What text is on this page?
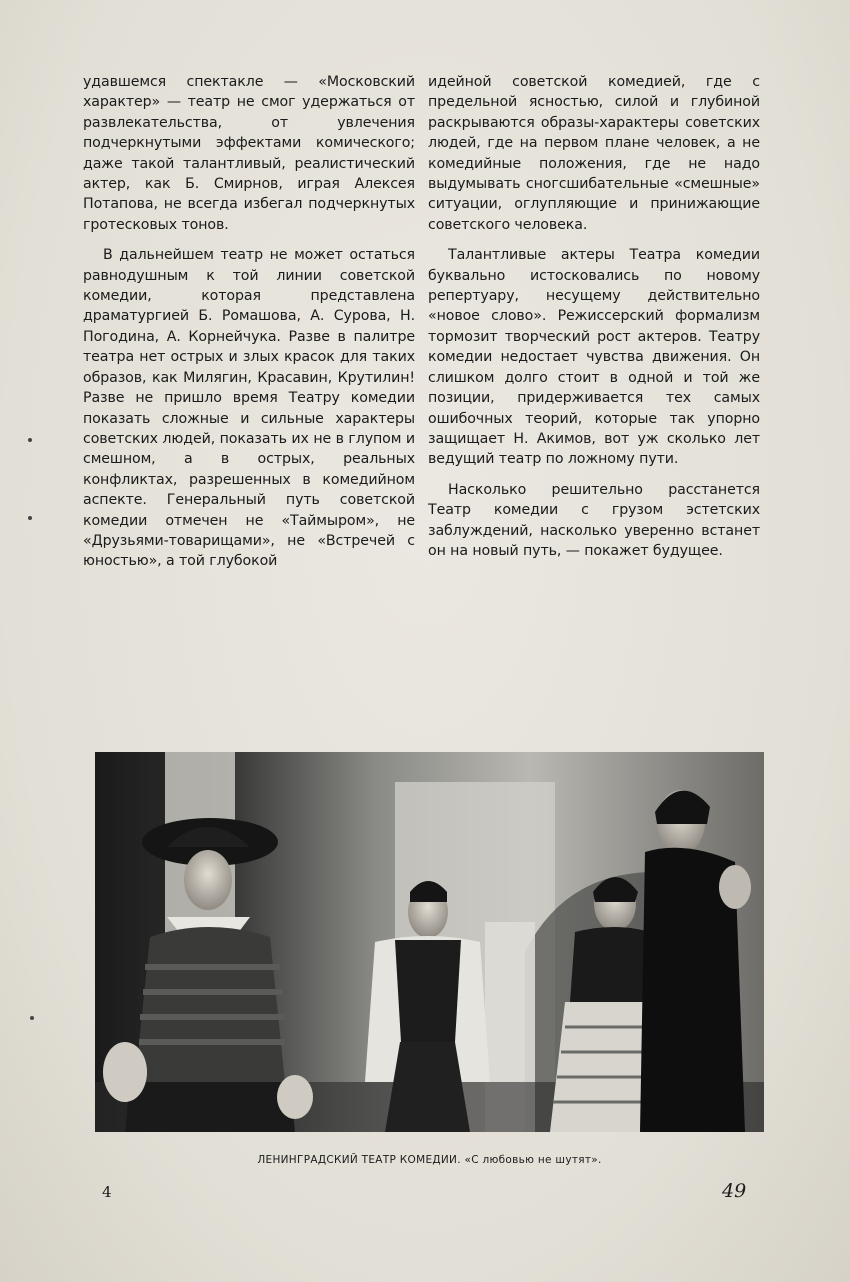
удавшемся спектакле — «Московский характер» — театр не смог удержаться от развлекательства, от увлечения подчеркнутыми эффектами комического; даже такой талантливый, реалистический актер, как Б. Смирнов, играя Алексея Потапова, не всегда избегал подчеркнутых гротесковых тонов.

В дальнейшем театр не может остаться равнодушным к той линии советской комедии, которая представлена драматургией Б. Ромашова, А. Сурова, Н. Погодина, А. Корнейчука. Разве в палитре театра нет острых и злых красок для таких образов, как Милягин, Красавин, Крутилин! Разве не пришло время Театру комедии показать сложные и сильные характеры советских людей, показать их не в глупом и смешном, а в острых, реальных конфликтах, разрешенных в комедийном аспекте. Генеральный путь советской комедии отмечен не «Таймыром», не «Друзьями-товарищами», не «Встречей с юностью», а той глубокой

идейной советской комедией, где с предельной ясностью, силой и глубиной раскрываются образы-характеры советских людей, где на первом плане человек, а не комедийные положения, где не надо выдумывать сногсшибательные «смешные» ситуации, оглупляющие и принижающие советского человека.

Талантливые актеры Театра комедии буквально истосковались по новому репертуару, несущему действительно «новое слово». Режиссерский формализм тормозит творческий рост актеров. Театру комедии недостает чувства движения. Он слишком долго стоит в одной и той же позиции, придерживается тех самых ошибочных теорий, которые так упорно защищает Н. Акимов, вот уж сколько лет ведущий театр по ложному пути.

Насколько решительно расстанется Театр комедии с грузом эстетских заблуждений, насколько уверенно встанет он на новый путь, — покажет будущее.

ЛЕНИНГРАДСКИЙ ТЕАТР КОМЕДИИ. «С любовью не шутят».
4	49
